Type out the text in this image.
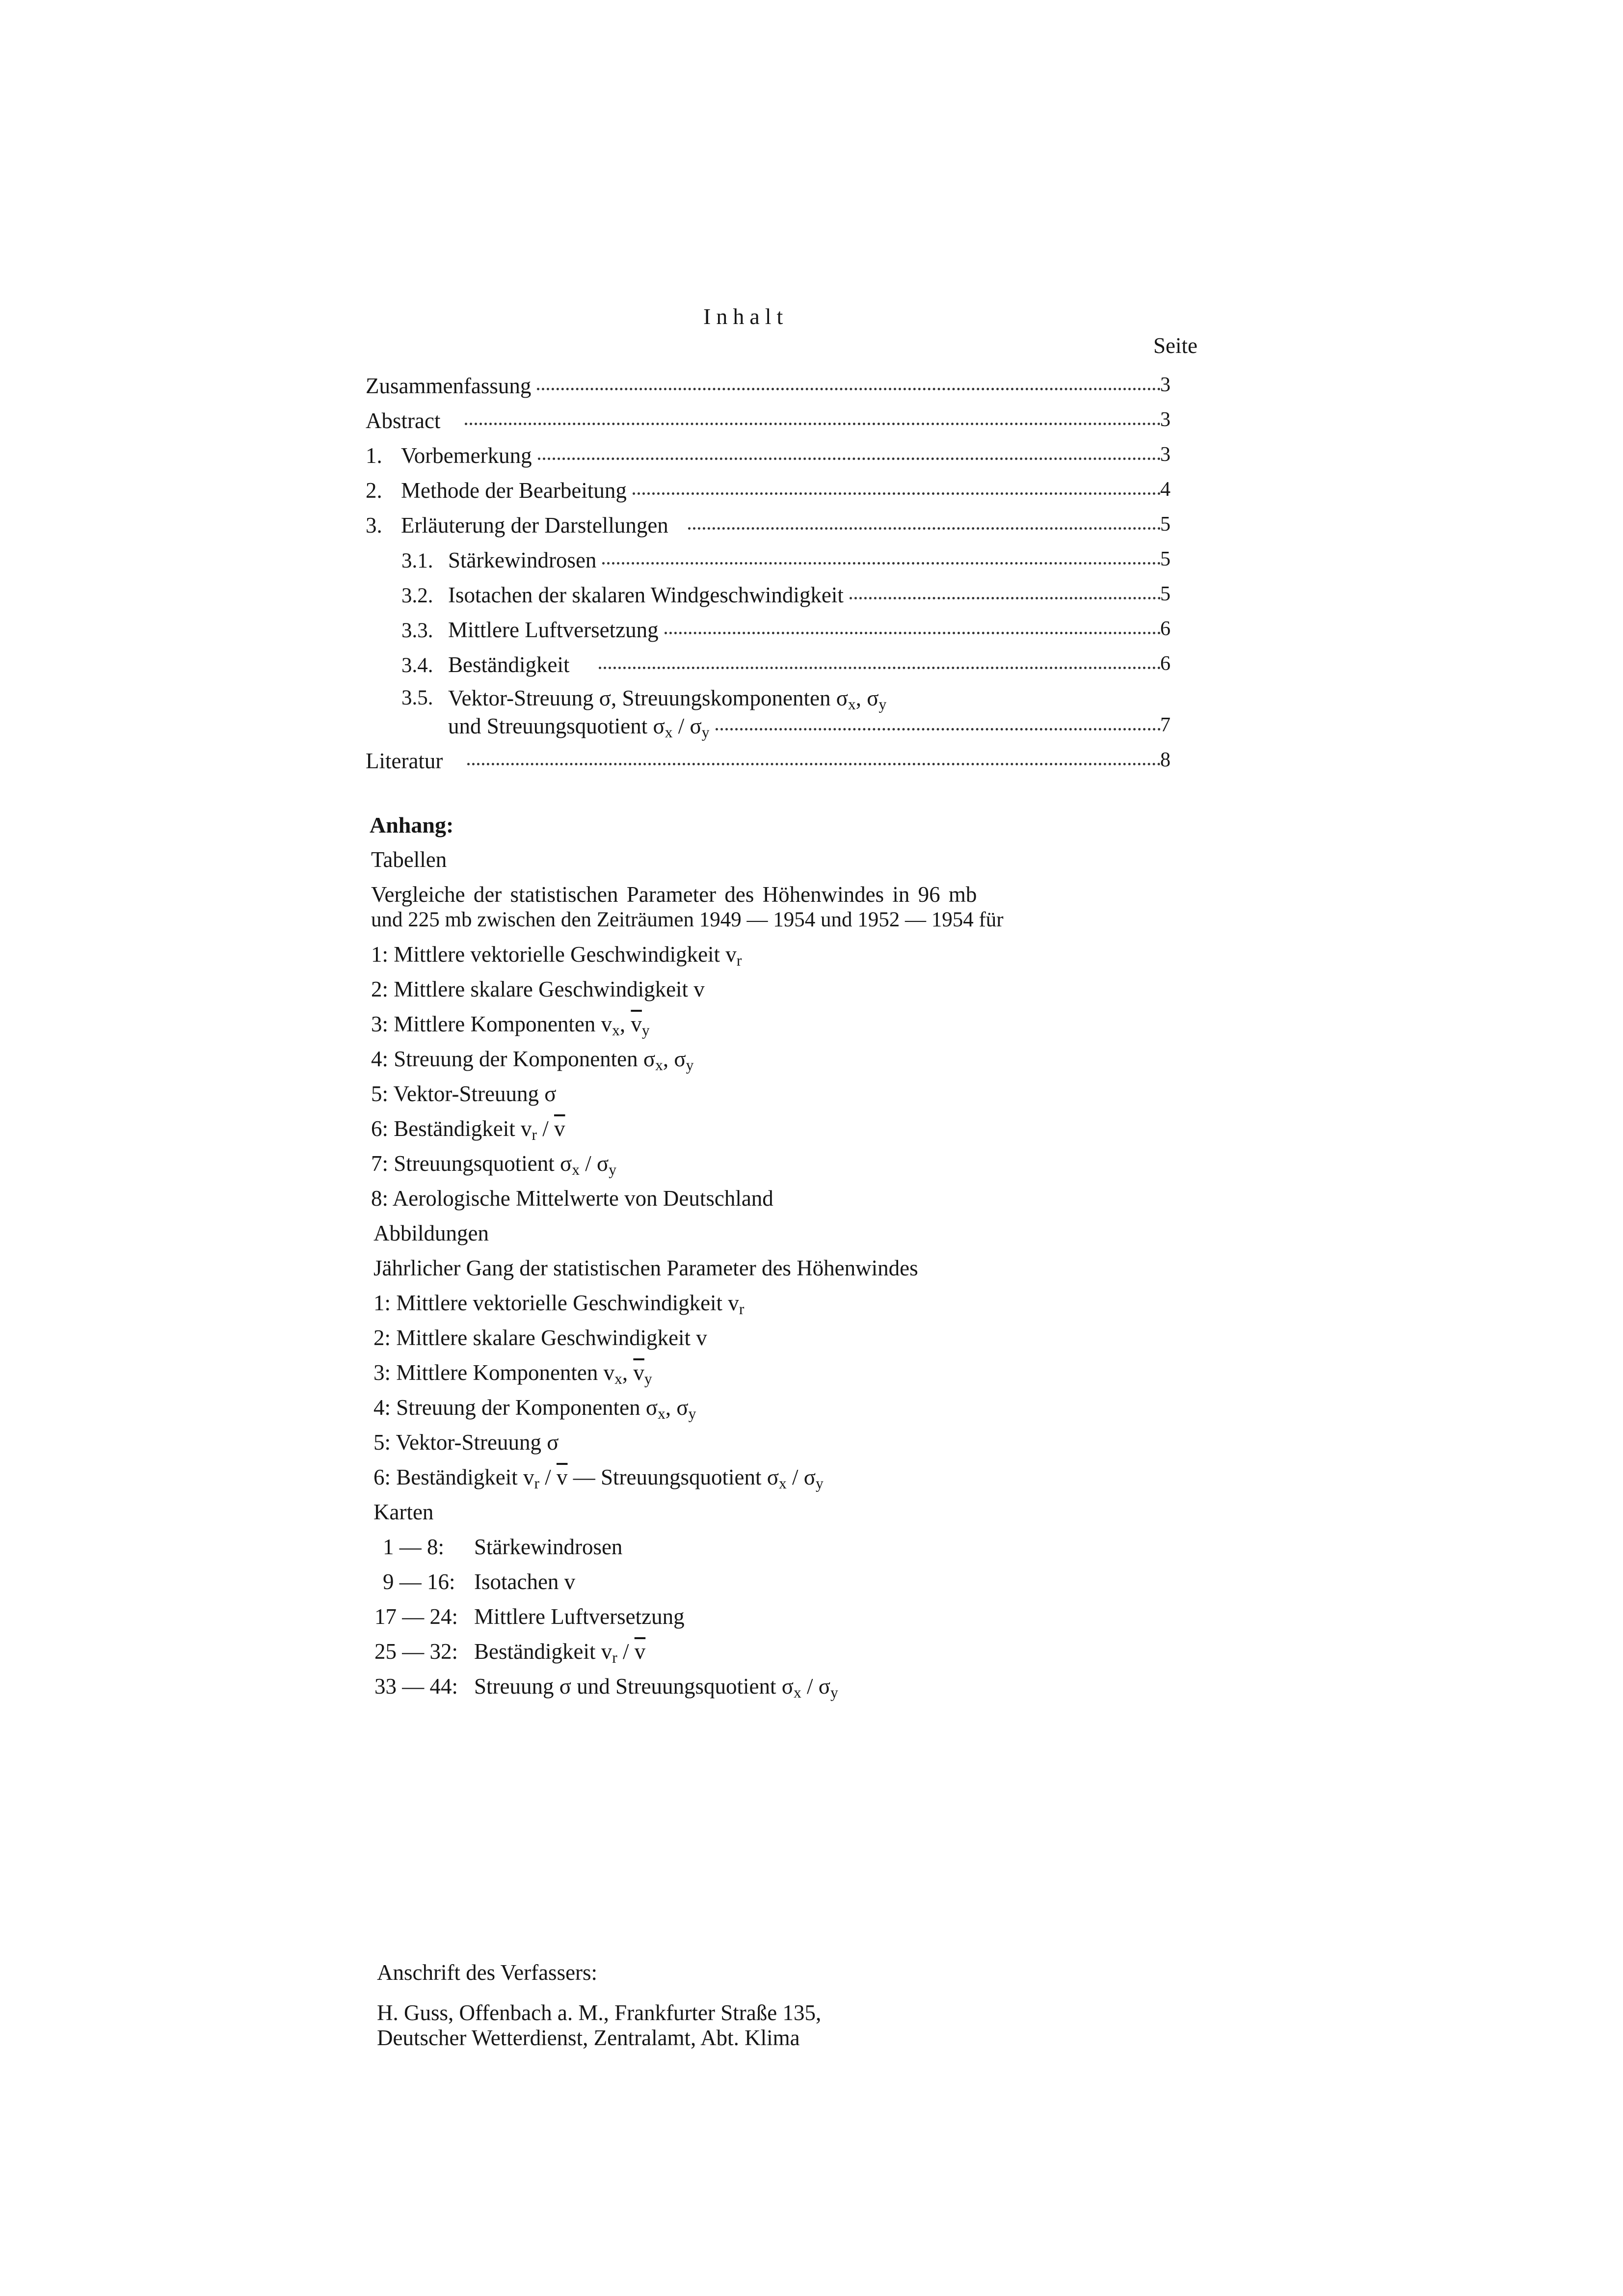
Inhalt
Seite
Zusammenfassung	3
Abstract	3
1. Vorbemerkung	3
2. Methode der Bearbeitung	4
3. Erläuterung der Darstellungen	5
3.1. Stärkewindrosen	5
3.2. Isotachen der skalaren Windgeschwindigkeit	5
3.3. Mittlere Luftversetzung	6
3.4. Beständigkeit	6
3.5. Vektor-Streuung σ, Streuungskomponenten $\sigma_x$, $\sigma_y$
und Streuungsquotient $\sigma_x / \sigma_y$	7
Literatur	8
Anhang:
Tabellen
Vergleiche der statistischen Parameter des Höhenwindes in 96 mb
und 225 mb zwischen den Zeiträumen 1949 — 1954 und 1952 — 1954 für
1: Mittlere vektorielle Geschwindigkeit $v_r$
2: Mittlere skalare Geschwindigkeit v
3: Mittlere Komponenten $v_x$, $\overline{v}_y$
4: Streuung der Komponenten $\sigma_x$, $\sigma_y$
5: Vektor-Streuung σ
6: Beständigkeit $v_r / \overline{v}$
7: Streuungsquotient $\sigma_x / \sigma_y$
8: Aerologische Mittelwerte von Deutschland
Abbildungen
Jährlicher Gang der statistischen Parameter des Höhenwindes
1: Mittlere vektorielle Geschwindigkeit $v_r$
2: Mittlere skalare Geschwindigkeit v
3: Mittlere Komponenten $v_x$, $\overline{v}_y$
4: Streuung der Komponenten $\sigma_x$, $\sigma_y$
5: Vektor-Streuung σ
6: Beständigkeit $v_r / \overline{v}$ — Streuungsquotient $\sigma_x / \sigma_y$
Karten
1 — 8:	Stärkewindrosen
9 — 16: Isotachen v
17 — 24: Mittlere Luftversetzung
25 — 32: Beständigkeit $v_r / \overline{v}$
33 — 44: Streuung σ und Streuungsquotient $\sigma_x / \sigma_y$
Anschrift des Verfassers:
H. Guss, Offenbach a. M., Frankfurter Straße 135,
Deutscher Wetterdienst, Zentralamt, Abt. Klima
